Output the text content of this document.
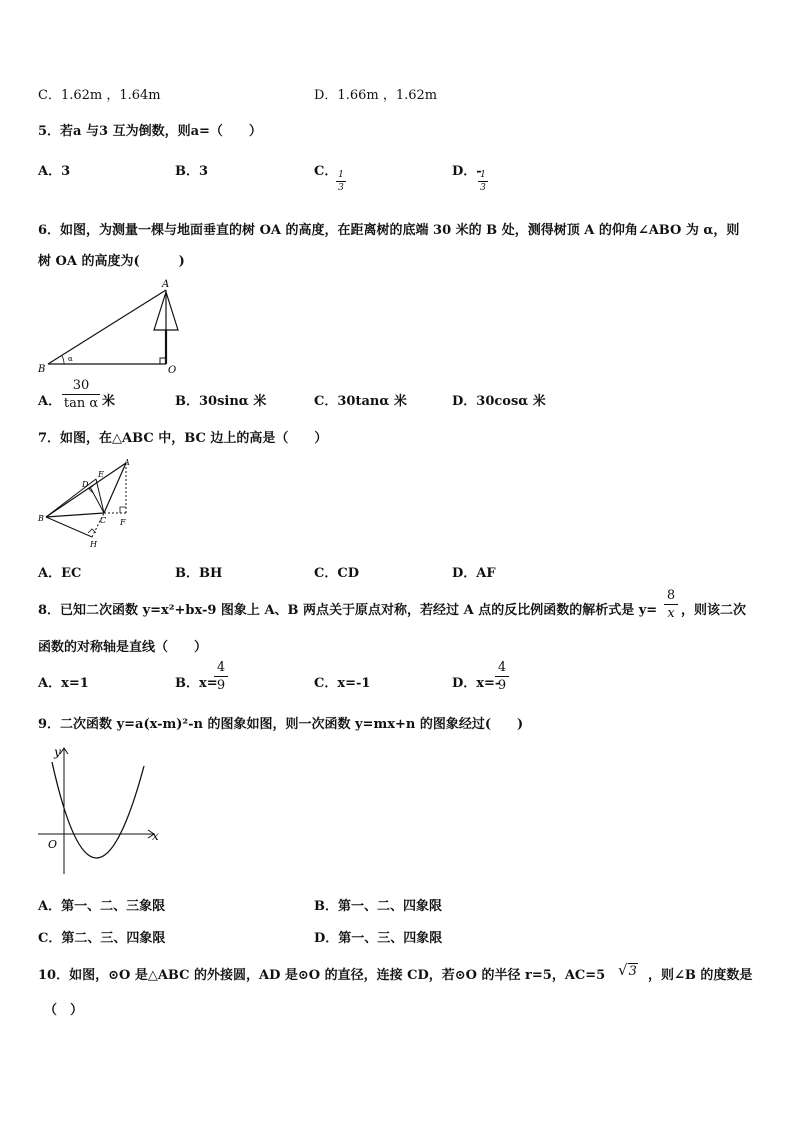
C．1.62m ，1.64m	D．1.66m ，1.62m
5．若a 与3 互为倒数，则a=（　　）
A．3	B．3	C． 1
3
D．-
1
3
6．如图，为测量一棵与地面垂直的树 OA 的高度，在距离树的底端 30 米的 B 处，测得树顶 A 的仰角∠ABO 为 α，则
树 OA 的高度为(　　　)
A
B	O
α
A．
30
tan α 米	B．30sinα 米	C．30tanα 米	D．30cosα 米
7．如图，在△ABC 中，BC 边上的高是（　　）
A
E
D
B	C F
H
A．EC	B．BH	C．CD	D．AF
8．已知二次函数 y=x²+bx-9 图象上 A、B 两点关于原点对称，若经过 A 点的反比例函数的解析式是 y=
8
x ，则该二次
函数的对称轴是直线（　　）
A．x=1	B．x=
4
9	C．x=-1	D．x=-
4
9
9．二次函数 y=a(x-m)²-n 的图象如图，则一次函数 y=mx+n 的图象经过(　　)
y
x
O
A．第一、二、三象限	B．第一、二、四象限
C．第二、三、四象限	D．第一、三、四象限
10．如图，⊙O 是△ABC 的外接圆，AD 是⊙O 的直径，连接 CD，若⊙O 的半径 r=5，AC=5 √3 ，则∠B 的度数是
（　）
